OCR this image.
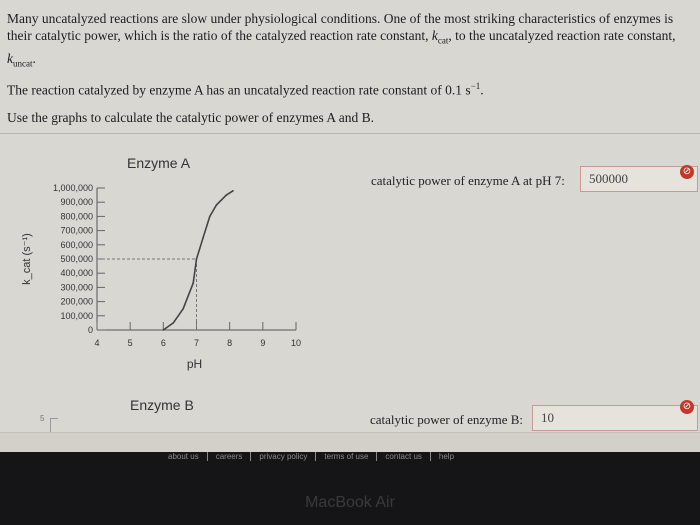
Many uncatalyzed reactions are slow under physiological conditions. One of the most striking characteristics of enzymes is their catalytic power, which is the ratio of the catalyzed reaction rate constant, $k_{cat}$, to the uncatalyzed reaction rate constant, $k_{uncat}$.

The reaction catalyzed by enzyme A has an uncatalyzed reaction rate constant of 0.1 $s^{-1}$.

Use the graphs to calculate the catalytic power of enzymes A and B.

Enzyme A
0
100,000
200,000
300,000
400,000
500,000
600,000
700,000
800,000
900,000
1,000,000
4	5	6	7	8	9	10
pH
k_cat (s⁻¹)
Enzyme B
5
catalytic power of enzyme A at pH 7:	500000	⊘
catalytic power of enzyme B:	10
⊘
about us	careers	privacy policy	terms of use	contact us	help
MacBook Air
